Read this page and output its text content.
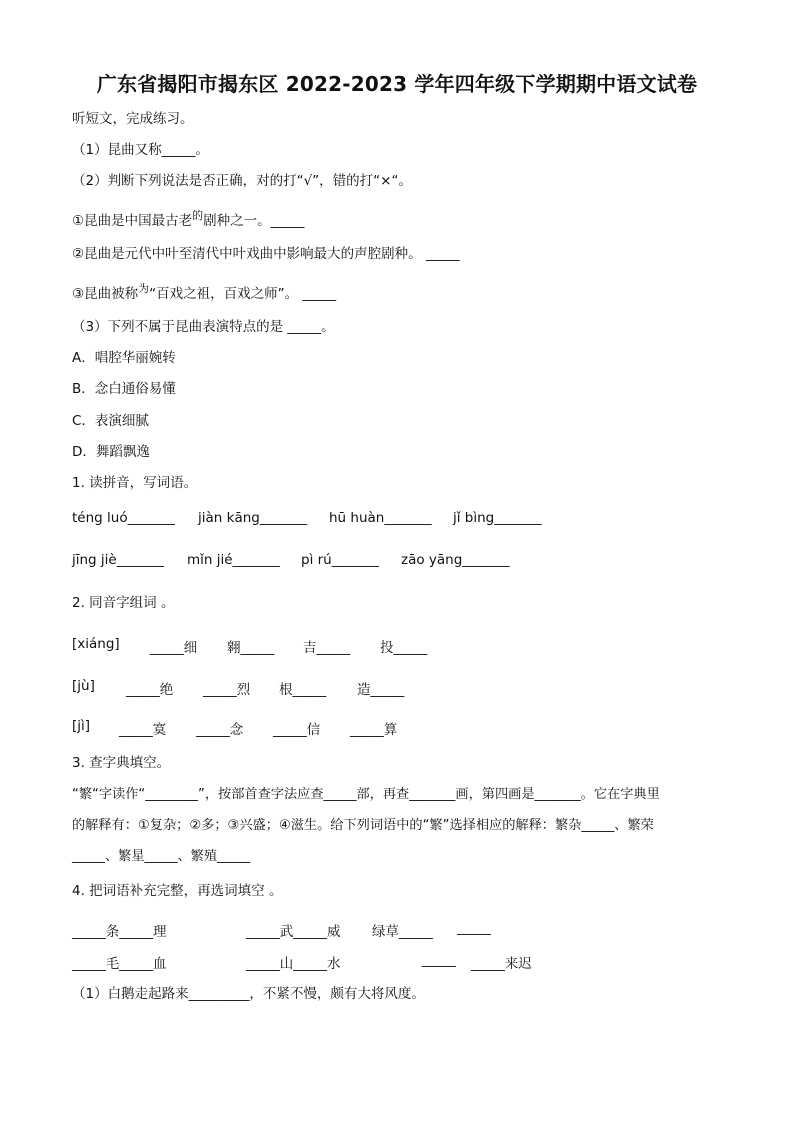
广东省揭阳市揭东区 2022-2023 学年四年级下学期期中语文试卷
听短文，完成练习。
（1）昆曲又称_____。
（2）判断下列说法是否正确，对的打“√”，错的打“×“。
①昆曲是中国最古老$^的$剧种之一。_____
②昆曲是元代中叶至清代中叶戏曲中影响最大的声腔剧种。 _____
③昆曲被称$^为$“百戏之祖，百戏之师”。 _____
（3）下列不属于昆曲表演特点的是 _____。
A．唱腔华丽婉转
B．念白通俗易懂
C．表演细腻
D．舞蹈飘逸
1. 读拼音，写词语。
téng luó_______ jiàn kāng_______ hū huàn_______ jǐ bìng_______
jīng jiè_______ mǐn jié_______ pì rú_______ zāo yāng_______
2. 同音字组词 。
[xiáng] _____细 翱_____ 吉_____ 投_____
[jù] _____绝 _____烈 根_____ 造_____
[jì] _____寞 _____念 _____信 _____算
3. 查字典填空。
“繁“字读作“________”，按部首查字法应查_____部，再查_______画，第四画是_______。它在字典里
的解释有：①复杂；②多；③兴盛；④滋生。给下列词语中的“繁”选择相应的解释：繁杂_____、繁荣
_____、繁星_____、繁殖_____
4. 把词语补充完整，再选词填空 。
_____条_____理	_____武_____威 绿草_____ _____
_____毛_____血	_____山_____水	_____ _____来迟
（1）白鹅走起路来_________，不紧不慢，颇有大将风度。
